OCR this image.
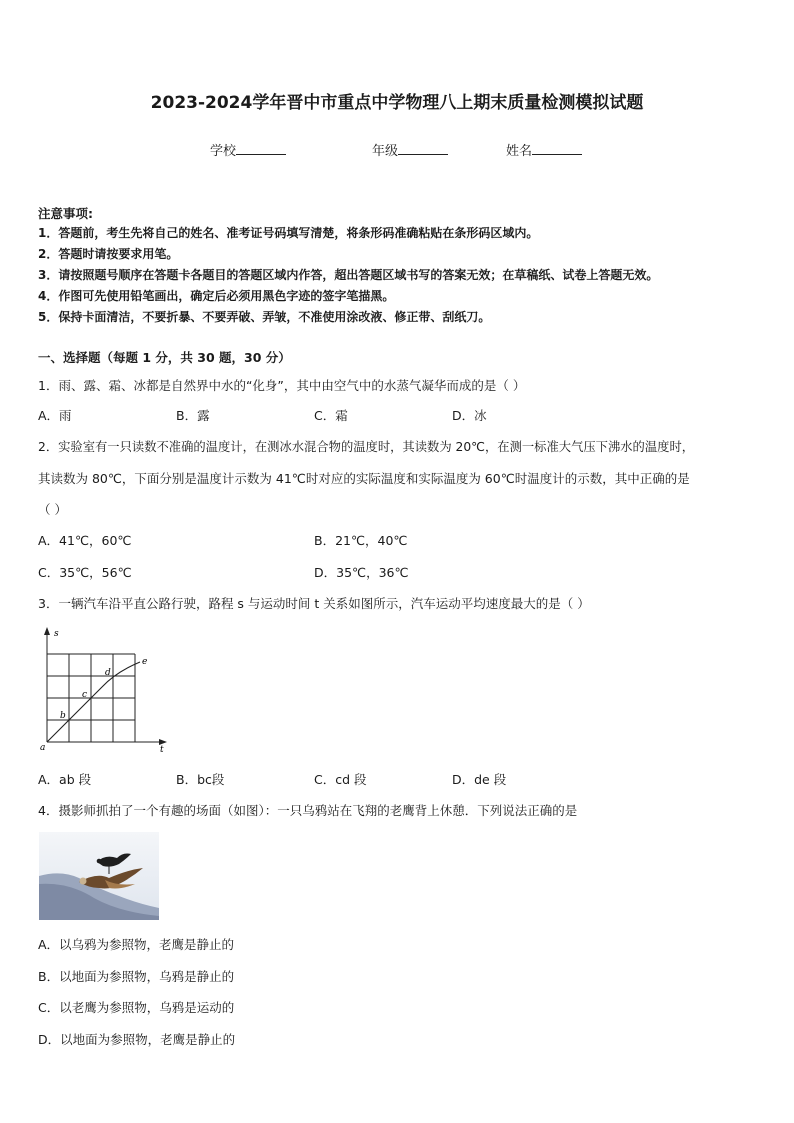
2023-2024学年晋中市重点中学物理八上期末质量检测模拟试题
学校	年级	姓名
注意事项:
1．答题前，考生先将自己的姓名、准考证号码填写清楚，将条形码准确粘贴在条形码区域内。
2．答题时请按要求用笔。
3．请按照题号顺序在答题卡各题目的答题区域内作答，超出答题区域书写的答案无效；在草稿纸、试卷上答题无效。
4．作图可先使用铅笔画出，确定后必须用黑色字迹的签字笔描黑。
5．保持卡面清洁，不要折暴、不要弄破、弄皱，不准使用涂改液、修正带、刮纸刀。
一、选择题（每题 1 分，共 30 题，30 分）
1．雨、露、霜、冰都是自然界中水的“化身”，其中由空气中的水蒸气凝华而成的是（ ）
A．雨	B．露	C．霜	D．冰
2．实验室有一只读数不准确的温度计，在测冰水混合物的温度时，其读数为 20℃，在测一标准大气压下沸水的温度时，
其读数为 80℃，下面分别是温度计示数为 41℃时对应的实际温度和实际温度为 60℃时温度计的示数，其中正确的是
（ ）
A．41℃，60℃	B．21℃，40℃
C．35℃，56℃	D．35℃，36℃
3．一辆汽车沿平直公路行驶，路程 s 与运动时间 t 关系如图所示，汽车运动平均速度最大的是（ ）
s
t
a
b
c
d
e
A．ab 段	B．bc段	C．cd 段	D．de 段
4．摄影师抓拍了一个有趣的场面（如图）：一只乌鸦站在飞翔的老鹰背上休憩．下列说法正确的是
A．以乌鸦为参照物，老鹰是静止的
B．以地面为参照物，乌鸦是静止的
C．以老鹰为参照物，乌鸦是运动的
D．以地面为参照物，老鹰是静止的
